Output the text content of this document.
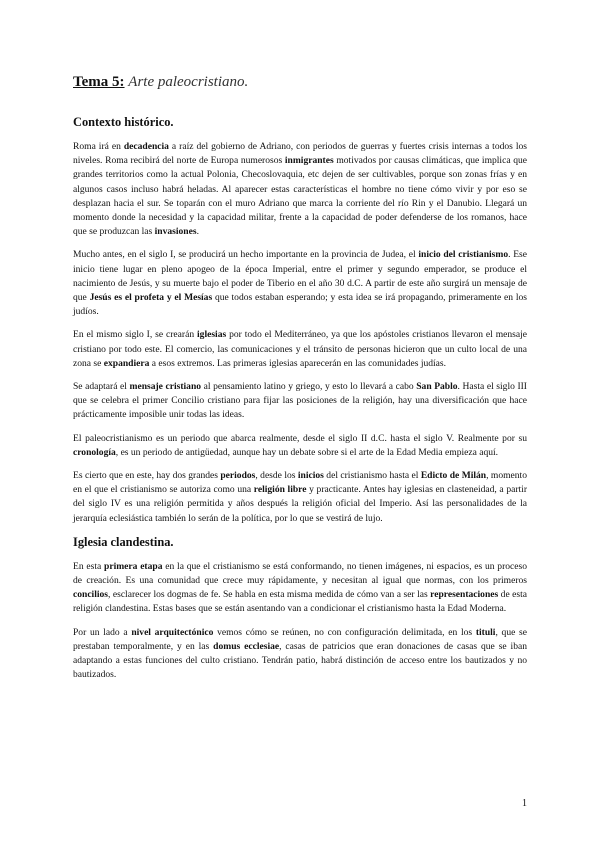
Tema 5: Arte paleocristiano.
Contexto histórico.

Roma irá en decadencia a raíz del gobierno de Adriano, con periodos de guerras y fuertes crisis internas a todos los niveles. Roma recibirá del norte de Europa numerosos inmigrantes motivados por causas climáticas, que implica que grandes territorios como la actual Polonia, Checoslovaquia, etc dejen de ser cultivables, porque son zonas frías y en algunos casos incluso habrá heladas. Al aparecer estas características el hombre no tiene cómo vivir y por eso se desplazan hacia el sur. Se toparán con el muro Adriano que marca la corriente del río Rin y el Danubio. Llegará un momento donde la necesidad y la capacidad militar, frente a la capacidad de poder defenderse de los romanos, hace que se produzcan las invasiones.

Mucho antes, en el siglo I, se producirá un hecho importante en la provincia de Judea, el inicio del cristianismo. Ese inicio tiene lugar en pleno apogeo de la época Imperial, entre el primer y segundo emperador, se produce el nacimiento de Jesús, y su muerte bajo el poder de Tiberio en el año 30 d.C. A partir de este año surgirá un mensaje de que Jesús es el profeta y el Mesías que todos estaban esperando; y esta idea se irá propagando, primeramente en los judíos.

En el mismo siglo I, se crearán iglesias por todo el Mediterráneo, ya que los apóstoles cristianos llevaron el mensaje cristiano por todo este. El comercio, las comunicaciones y el tránsito de personas hicieron que un culto local de una zona se expandiera a esos extremos. Las primeras iglesias aparecerán en las comunidades judías.

Se adaptará el mensaje cristiano al pensamiento latino y griego, y esto lo llevará a cabo San Pablo. Hasta el siglo III que se celebra el primer Concilio cristiano para fijar las posiciones de la religión, hay una diversificación que hace prácticamente imposible unir todas las ideas.

El paleocristianismo es un periodo que abarca realmente, desde el siglo II d.C. hasta el siglo V. Realmente por su cronología, es un periodo de antigüedad, aunque hay un debate sobre si el arte de la Edad Media empieza aquí.

Es cierto que en este, hay dos grandes periodos, desde los inicios del cristianismo hasta el Edicto de Milán, momento en el que el cristianismo se autoriza como una religión libre y practicante. Antes hay iglesias en clasteneidad, a partir del siglo IV es una religión permitida y años después la religión oficial del Imperio. Así las personalidades de la jerarquía eclesiástica también lo serán de la política, por lo que se vestirá de lujo.

Iglesia clandestina.

En esta primera etapa en la que el cristianismo se está conformando, no tienen imágenes, ni espacios, es un proceso de creación. Es una comunidad que crece muy rápidamente, y necesitan al igual que normas, con los primeros concilios, esclarecer los dogmas de fe. Se habla en esta misma medida de cómo van a ser las representaciones de esta religión clandestina. Estas bases que se están asentando van a condicionar el cristianismo hasta la Edad Moderna.

Por un lado a nivel arquitectónico vemos cómo se reúnen, no con configuración delimitada, en los tituli, que se prestaban temporalmente, y en las domus ecclesiae, casas de patricios que eran donaciones de casas que se iban adaptando a estas funciones del culto cristiano. Tendrán patio, habrá distinción de acceso entre los bautizados y no bautizados.

1
